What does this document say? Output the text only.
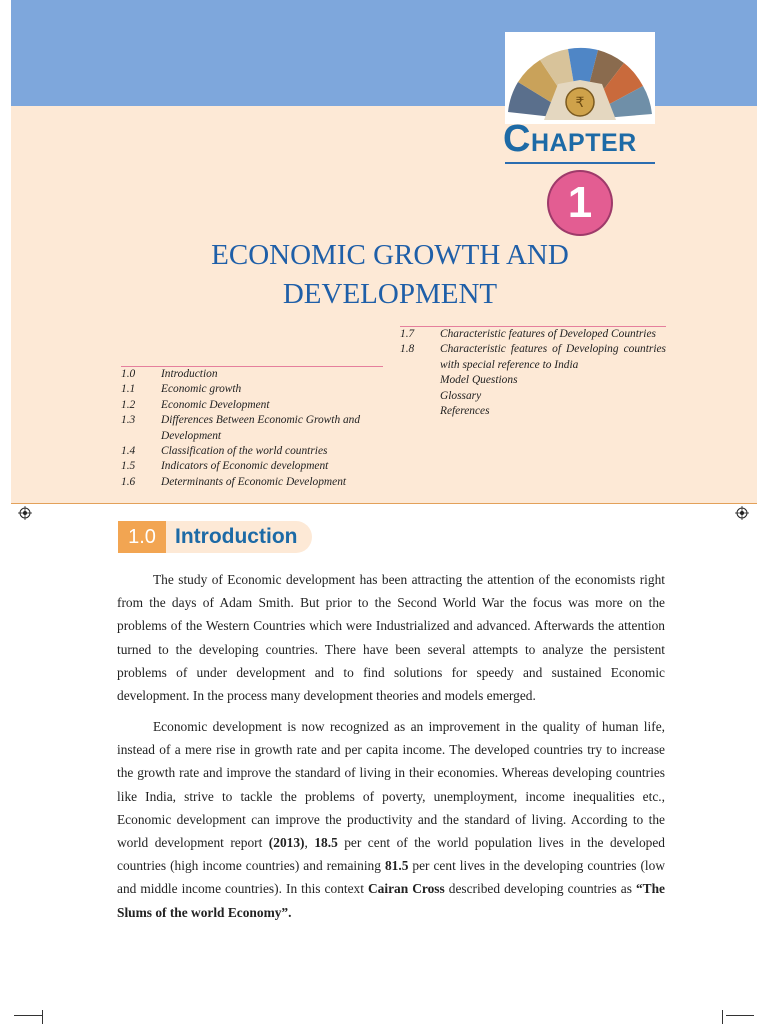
₹
CHAPTER
1
ECONOMIC GROWTH AND DEVELOPMENT
1.0	Introduction
1.1	Economic growth
1.2	Economic Development
1.3	Differences Between Economic Growth and Development
1.4	Classification of the world countries
1.5	Indicators of Economic development
1.6	Determinants of Economic Development
1.7	Characteristic features of Developed Countries
1.8	Characteristic features of Developing countries with special reference to India
Model Questions
Glossary
References
1.0 Introduction

The study of Economic development has been attracting the attention of the economists right from the days of Adam Smith. But prior to the Second World War the focus was more on the problems of the Western Countries which were Industrialized and advanced. Afterwards the attention turned to the developing countries. There have been several attempts to analyze the persistent problems of under development and to find solutions for speedy and sustained Economic development. In the process many development theories and models emerged.

Economic development is now recognized as an improvement in the quality of human life, instead of a mere rise in growth rate and per capita income. The developed countries try to increase the growth rate and improve the standard of living in their economies. Whereas developing countries like India, strive to tackle the problems of poverty, unemployment, income inequalities etc., Economic development can improve the productivity and the standard of living. According to the world development report (2013), 18.5 per cent of the world population lives in the developed countries (high income countries) and remaining 81.5 per cent lives in the developing countries (low and middle income countries). In this context Cairan Cross described developing countries as “The Slums of the world Economy”.
